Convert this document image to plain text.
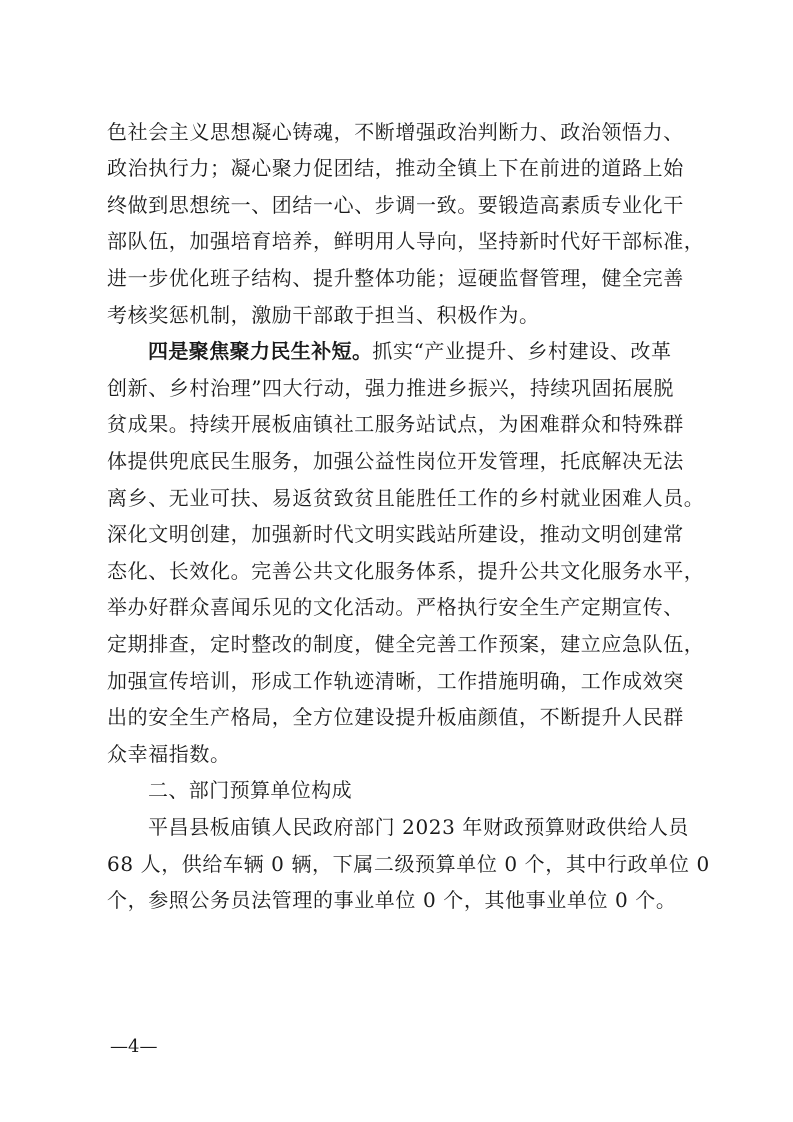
色社会主义思想凝心铸魂，不断增强政治判断力、政治领悟力、
政治执行力；凝心聚力促团结，推动全镇上下在前进的道路上始
终做到思想统一、团结一心、步调一致。要锻造高素质专业化干
部队伍，加强培育培养，鲜明用人导向，坚持新时代好干部标准，
进一步优化班子结构、提升整体功能；逗硬监督管理，健全完善
考核奖惩机制，激励干部敢于担当、积极作为。
四是聚焦聚力民生补短。抓实“产业提升、乡村建设、改革
创新、乡村治理”四大行动，强力推进乡振兴，持续巩固拓展脱
贫成果。持续开展板庙镇社工服务站试点，为困难群众和特殊群
体提供兜底民生服务，加强公益性岗位开发管理，托底解决无法
离乡、无业可扶、易返贫致贫且能胜任工作的乡村就业困难人员。
深化文明创建，加强新时代文明实践站所建设，推动文明创建常
态化、长效化。完善公共文化服务体系，提升公共文化服务水平，
举办好群众喜闻乐见的文化活动。严格执行安全生产定期宣传、
定期排查，定时整改的制度，健全完善工作预案，建立应急队伍，
加强宣传培训，形成工作轨迹清晰，工作措施明确，工作成效突
出的安全生产格局，全方位建设提升板庙颜值，不断提升人民群
众幸福指数。
二、部门预算单位构成
平昌县板庙镇人民政府部门 2023 年财政预算财政供给人员
68 人，供给车辆 0 辆，下属二级预算单位 0 个，其中行政单位 0
个，参照公务员法管理的事业单位 0 个，其他事业单位 0 个。
—4—
